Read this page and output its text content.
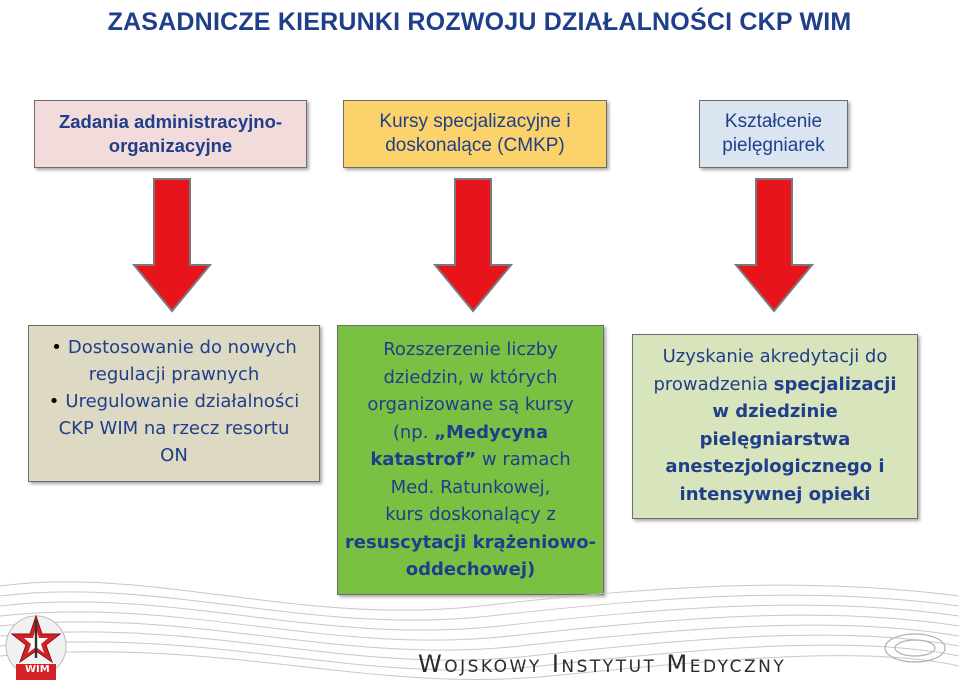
ZASADNICZE KIERUNKI ROZWOJU DZIAŁALNOŚCI CKP WIM
Zadania administracyjno-
organizacyjne
Kursy specjalizacyjne i
doskonalące (CMKP)
Kształcenie
pielęgniarek
• Dostosowanie do nowych
regulacji prawnych
• Uregulowanie działalności
CKP WIM na rzecz resortu
ON
Rozszerzenie liczby
dziedzin, w których
organizowane są kursy
(np. „Medycyna
katastrof” w ramach
Med. Ratunkowej,
kurs doskonalący z
resuscytacji krążeniowo-
oddechowej)
Uzyskanie akredytacji do
prowadzenia specjalizacji
w dziedzinie
pielęgniarstwa
anestezjologicznego i
intensywnej opieki
WIM	Wojskowy Instytut Medyczny
